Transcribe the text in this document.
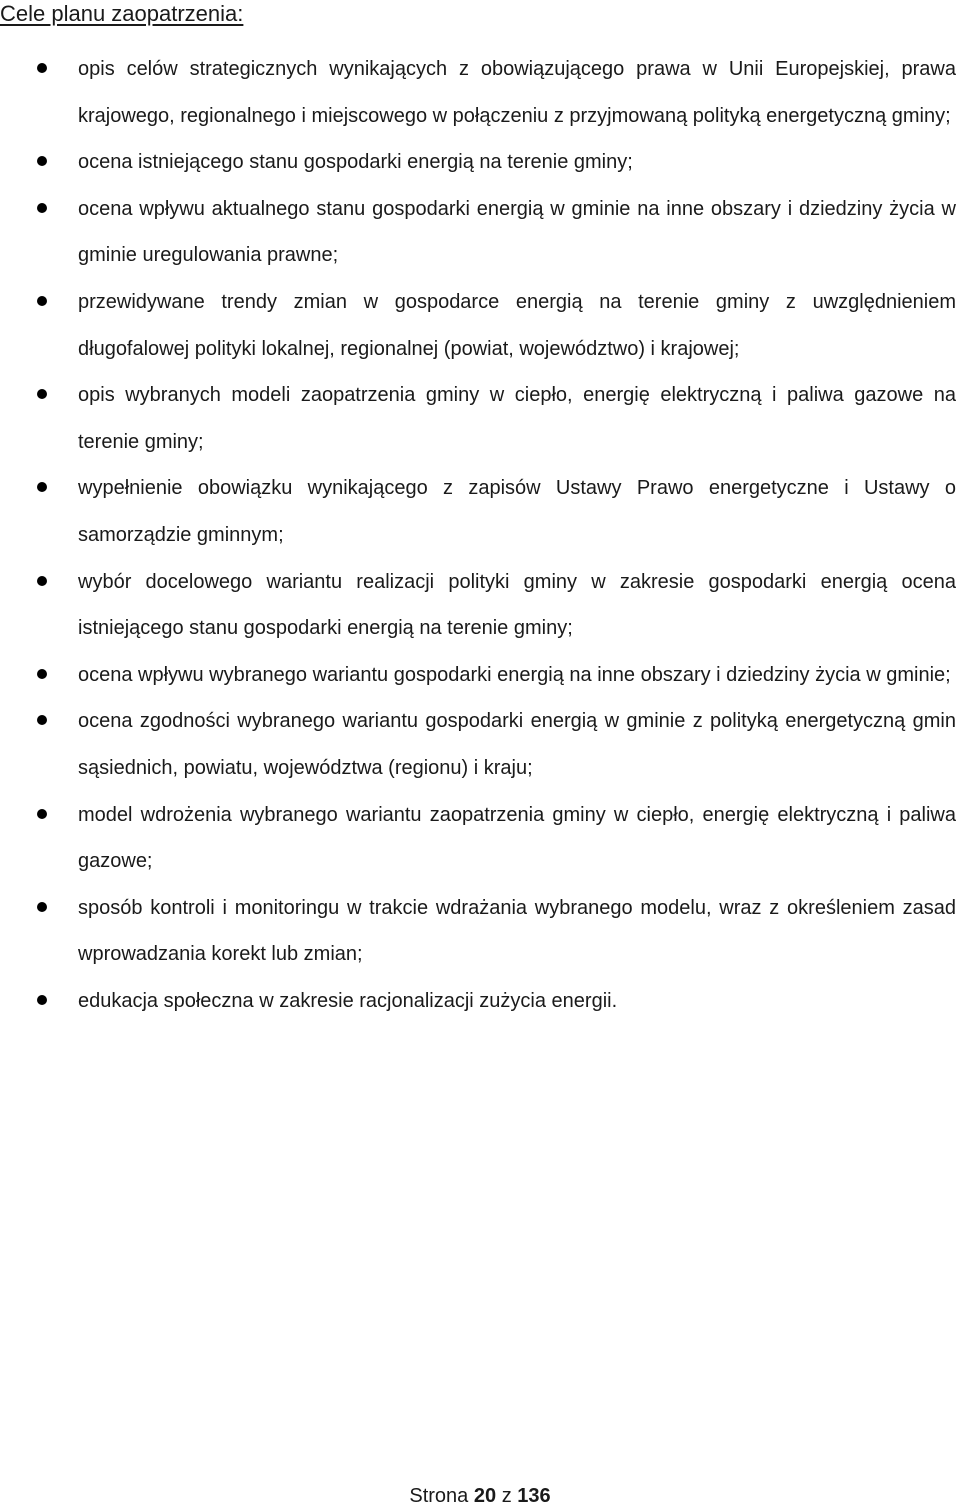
Cele planu zaopatrzenia:
opis celów strategicznych wynikających z obowiązującego prawa w Unii Europejskiej, prawa krajowego, regionalnego i miejscowego w połączeniu z przyjmowaną polityką energetyczną gminy;
ocena istniejącego stanu gospodarki energią na terenie gminy;
ocena wpływu aktualnego stanu gospodarki energią w gminie na inne obszary i dziedziny życia w gminie uregulowania prawne;
przewidywane trendy zmian w gospodarce energią na terenie gminy z uwzględnieniem długofalowej polityki lokalnej, regionalnej (powiat, województwo) i krajowej;
opis wybranych modeli zaopatrzenia gminy w ciepło, energię elektryczną i paliwa gazowe na terenie gminy;
wypełnienie obowiązku wynikającego z zapisów Ustawy Prawo energetyczne i Ustawy o samorządzie gminnym;
wybór docelowego wariantu realizacji polityki gminy w zakresie gospodarki energią ocena istniejącego stanu gospodarki energią na terenie gminy;
ocena wpływu wybranego wariantu gospodarki energią na inne obszary i dziedziny życia w gminie;
ocena zgodności wybranego wariantu gospodarki energią w gminie z polityką energetyczną gmin sąsiednich, powiatu, województwa (regionu) i kraju;
model wdrożenia wybranego wariantu zaopatrzenia gminy w ciepło, energię elektryczną i paliwa gazowe;
sposób kontroli i monitoringu w trakcie wdrażania wybranego modelu, wraz z określeniem zasad wprowadzania korekt lub zmian;
edukacja społeczna w zakresie racjonalizacji zużycia energii.
Strona 20 z 136
